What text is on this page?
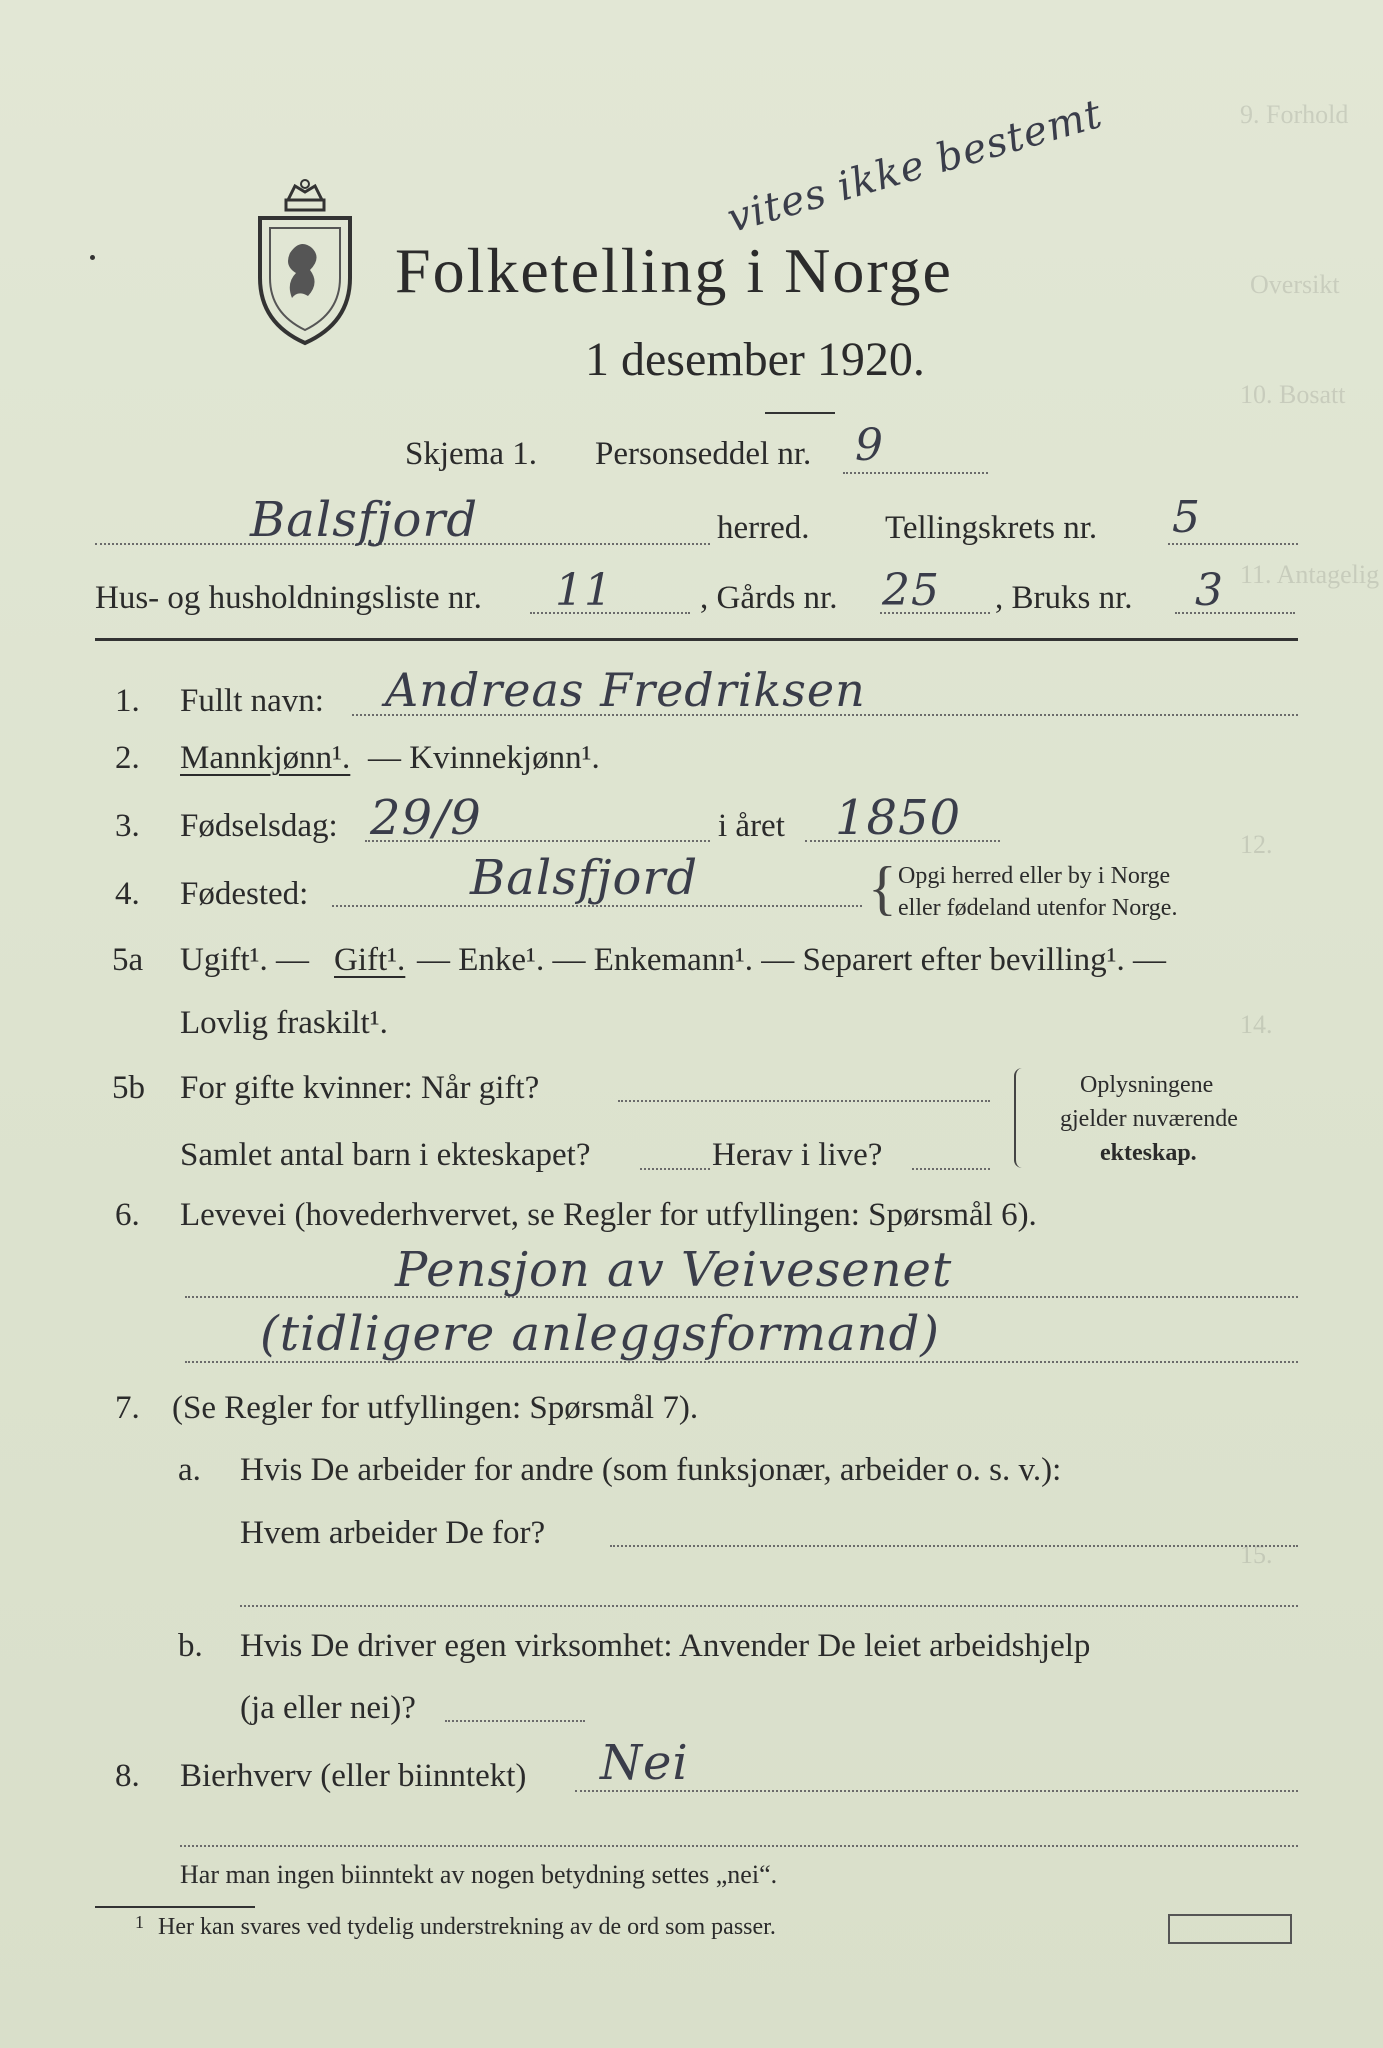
9. Forhold
Oversikt
10. Bosatt
11. Antagelig
12.
14.
15.
Folketelling i Norge
vites ikke bestemt
1 desember 1920.
Skjema 1. Personseddel nr. 9
Balsfjord	herred. Tellingskrets nr. 5
Hus- og husholdningsliste nr. 11	, Gårds nr. 25 , Bruks nr. 3
1. Fullt navn: Andreas Fredriksen
2. Mannkjønn¹. — Kvinnekjønn¹.
3. Fødselsdag: 29/9	i året 1850
4. Fødested:	Balsfjord	{ Opgi herred eller by i Norge
eller fødeland utenfor Norge.
5a Ugift¹. — Gift¹. — Enke¹. — Enkemann¹. — Separert efter bevilling¹. —
Lovlig fraskilt¹.
5b For gifte kvinner: Når gift?
Samlet antal barn i ekteskapet?	Herav i live?
Oplysningene
gjelder nuværende
ekteskap.
6. Levevei (hovederhvervet, se Regler for utfyllingen: Spørsmål 6).
Pensjon av Veivesenet
(tidligere anleggsformand)
7. (Se Regler for utfyllingen: Spørsmål 7).
a. Hvis De arbeider for andre (som funksjonær, arbeider o. s. v.):
Hvem arbeider De for?
b. Hvis De driver egen virksomhet: Anvender De leiet arbeidshjelp
(ja eller nei)?
8. Bierhverv (eller biinntekt) Nei
Har man ingen biinntekt av nogen betydning settes „nei“.
1 Her kan svares ved tydelig understrekning av de ord som passer.
